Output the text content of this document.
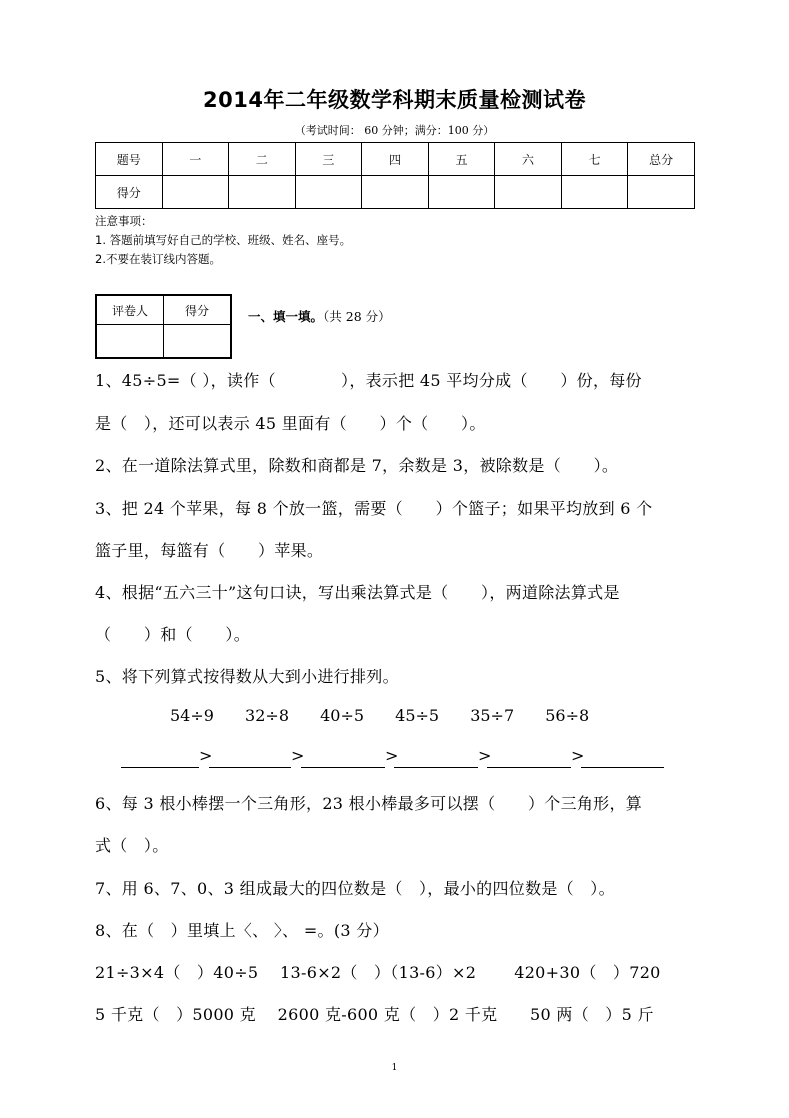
2014年二年级数学科期末质量检测试卷
（考试时间： 60 分钟；满分：100 分）
题号	一	二	三	四	五	六	七	总分
得分								
注意事项：
1. 答题前填写好自己的学校、班级、姓名、座号。
2.不要在装订线内答题。
评卷人	得分
		一、填一填。（共 28 分）
1、45÷5=（ ），读作（　　　　），表示把 45 平均分成（　　）份，每份
是（　），还可以表示 45 里面有（　　）个（　　）。
2、在一道除法算式里，除数和商都是 7，余数是 3，被除数是（　　）。
3、把 24 个苹果，每 8 个放一篮，需要（　　）个篮子；如果平均放到 6 个
篮子里，每篮有（　　）苹果。
4、根据“五六三十”这句口诀，写出乘法算式是（　　），两道除法算式是
（　　）和（　　）。
5、将下列算式按得数从大到小进行排列。
54÷9 32÷8 40÷5 45÷5 35÷7 56÷8
>	>	>	>	>
6、每 3 根小棒摆一个三角形，23 根小棒最多可以摆（　　）个三角形，算
式（　）。
7、用 6、7、0、3 组成最大的四位数是（　），最小的四位数是（　）。
8、在（　）里填上〈、 〉、 =。(3 分）
21÷3×4（　）40÷5　 13-6×2（　）（13-6）×2　　 420+30（　）720
5 千克（　）5000 克　 2600 克-600 克（　）2 千克　　50 两（　）5 斤
1
